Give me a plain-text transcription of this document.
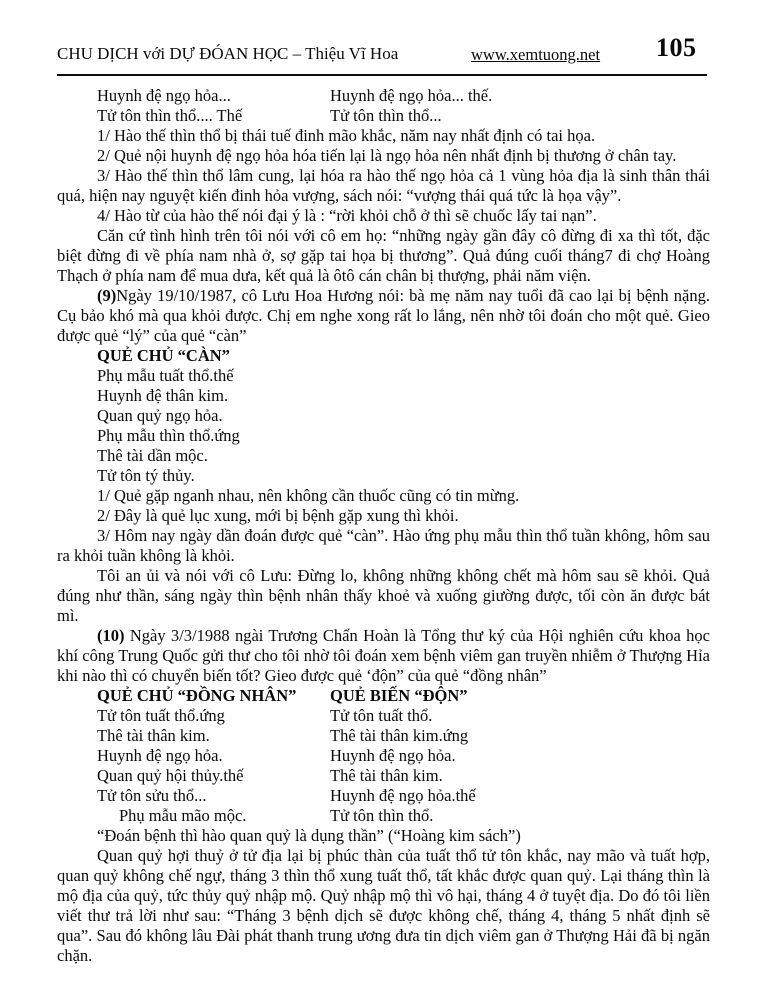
CHU DỊCH với DỰ ĐÓAN HỌC – Thiệu Vĩ Hoa	www.xemtuong.net 105
Huynh đệ ngọ hỏa...	Huynh đệ ngọ hỏa... thế.
Tử tôn thìn thổ.... Thế	Tử tôn thìn thổ...

1/ Hào thế thìn thổ bị thái tuế đinh mão khắc, năm nay nhất định có tai họa.

2/ Quẻ nội huynh đệ ngọ hỏa hóa tiến lại là ngọ hỏa nên nhất định bị thương ở chân tay.

3/ Hào thế thìn thổ lâm cung, lại hóa ra hào thế ngọ hỏa cả 1 vùng hỏa địa là sinh thân thái quá, hiện nay nguyệt kiến đinh hỏa vượng, sách nói: “vượng thái quá tức là họa vậy”.

4/ Hào từ của hào thế nói đại ý là : “rời khỏi chỗ ở thì sẽ chuốc lấy tai nạn”.

Căn cứ tình hình trên tôi nói với cô em họ: “những ngày gần đây cô đừng đi xa thì tốt, đặc biệt đừng đi về phía nam nhà ở, sợ gặp tai họa bị thương”. Quả đúng cuối tháng7 đi chợ Hoàng Thạch ở phía nam để mua dưa, kết quả là ôtô cán chân bị thượng, phải năm viện.

(9)Ngày 19/10/1987, cô Lưu Hoa Hương nói: bà mẹ năm nay tuổi đã cao lại bị bệnh nặng. Cụ bảo khó mà qua khỏi được. Chị em nghe xong rất lo lắng, nên nhờ tôi đoán cho một quẻ. Gieo được quẻ “lý” của quẻ “càn”

QUẺ CHỦ “CÀN”

Phụ mẫu tuất thổ.thế

Huynh đệ thân kim.

Quan quỷ ngọ hỏa.

Phụ mẫu thìn thổ.ứng

Thê tài dần mộc.

Tử tôn tý thủy.

1/ Quẻ gặp nganh nhau, nên không cần thuốc cũng có tin mừng.

2/ Đây là quẻ lục xung, mới bị bệnh gặp xung thì khỏi.

3/ Hôm nay ngày dần đoán được quẻ “càn”. Hào ứng phụ mẫu thìn thổ tuần không, hôm sau ra khỏi tuần không là khỏi.

Tôi an ủi và nói với cô Lưu: Đừng lo, không những không chết mà hôm sau sẽ khỏi. Quả đúng như thần, sáng ngày thìn bệnh nhân thấy khoẻ và xuống giường được, tối còn ăn được bát mì.

(10) Ngày 3/3/1988 ngài Trương Chấn Hoàn là Tổng thư ký của Hội nghiên cứu khoa học khí công Trung Quốc gửi thư cho tôi nhờ tôi đoán xem bệnh viêm gan truyền nhiễm ở Thượng Hỉa khi nào thì có chuyển biến tốt? Gieo được quẻ ‘độn” của quẻ “đồng nhân”

QUẺ CHỦ “ĐỒNG NHÂN”	QUẺ BIẾN “ĐỘN”
Tử tôn tuất thổ.ứng	Tử tôn tuất thổ.
Thê tài thân kim.	Thê tài thân kim.ứng
Huynh đệ ngọ hỏa.	Huynh đệ ngọ hỏa.
Quan quỷ hội thủy.thế	Thê tài thân kim.
Tử tôn sửu thổ...	Huynh đệ ngọ hỏa.thế
Phụ mẫu mão mộc.	Tử tôn thìn thổ.

“Đoán bệnh thì hào quan quỷ là dụng thần” (“Hoàng kim sách”)

Quan quỷ hợi thuỷ ở tử địa lại bị phúc thàn của tuất thổ tử tôn khắc, nay mão và tuất hợp, quan quỷ không chế ngự, tháng 3 thìn thổ xung tuất thổ, tất khắc được quan quỷ. Lại tháng thìn là mộ địa của quỷ, tức thủy quỷ nhập mộ. Quỷ nhập mộ thì vô hại, tháng 4 ở tuyệt địa. Do đó tôi liền viết thư trả lời như sau: “Tháng 3 bệnh dịch sẽ được không chế, tháng 4, tháng 5 nhất định sẽ qua”. Sau đó không lâu Đài phát thanh trung ương đưa tin dịch viêm gan ở Thượng Hải đã bị ngăn chặn.
